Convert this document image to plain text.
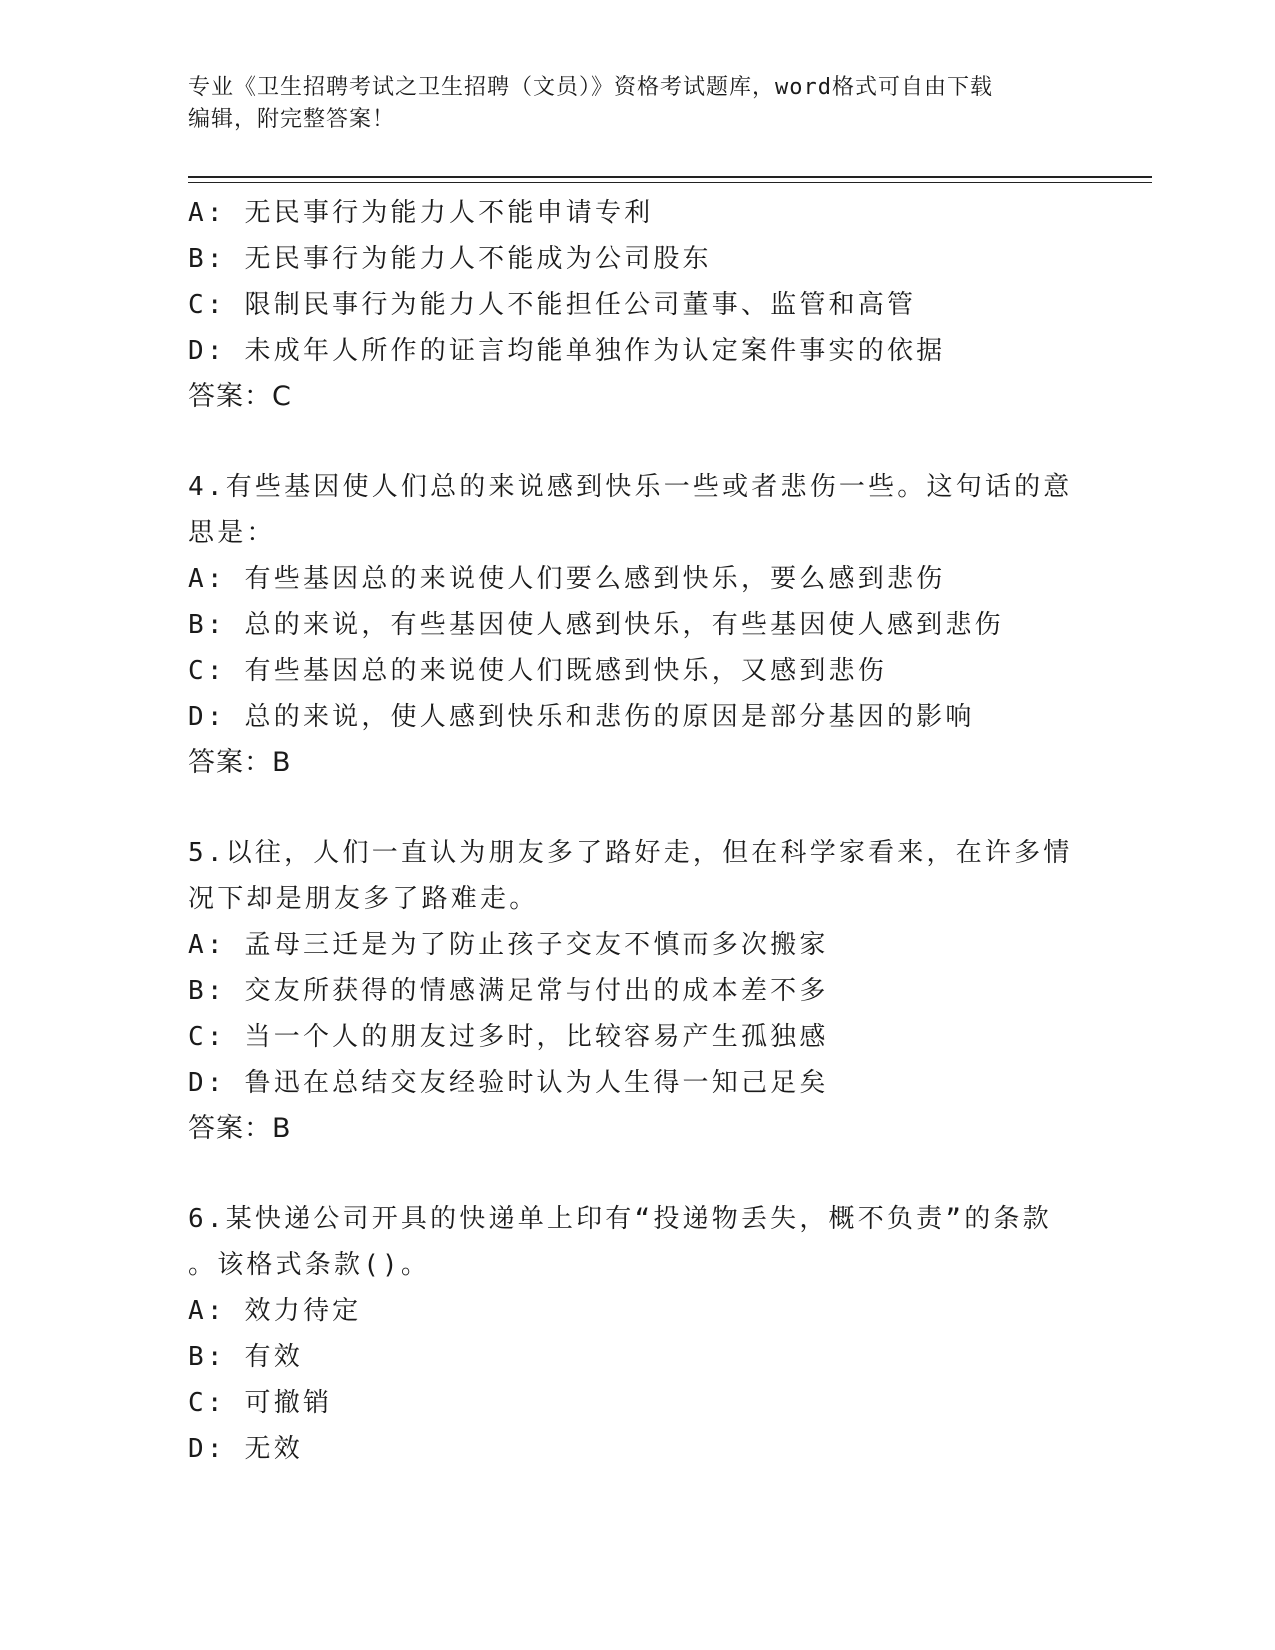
专业《卫生招聘考试之卫生招聘（文员）》资格考试题库，word格式可自由下载
编辑，附完整答案！
A: 无民事行为能力人不能申请专利
B: 无民事行为能力人不能成为公司股东
C: 限制民事行为能力人不能担任公司董事、监管和高管
D: 未成年人所作的证言均能单独作为认定案件事实的依据
答案：C
4.有些基因使人们总的来说感到快乐一些或者悲伤一些。这句话的意
思是：
A: 有些基因总的来说使人们要么感到快乐，要么感到悲伤
B: 总的来说，有些基因使人感到快乐，有些基因使人感到悲伤
C: 有些基因总的来说使人们既感到快乐，又感到悲伤
D: 总的来说，使人感到快乐和悲伤的原因是部分基因的影响
答案：B
5.以往，人们一直认为朋友多了路好走，但在科学家看来，在许多情
况下却是朋友多了路难走。
A: 孟母三迁是为了防止孩子交友不慎而多次搬家
B: 交友所获得的情感满足常与付出的成本差不多
C: 当一个人的朋友过多时，比较容易产生孤独感
D: 鲁迅在总结交友经验时认为人生得一知己足矣
答案：B
6.某快递公司开具的快递单上印有“投递物丢失，概不负责”的条款
。该格式条款()。
A: 效力待定
B: 有效
C: 可撤销
D: 无效
